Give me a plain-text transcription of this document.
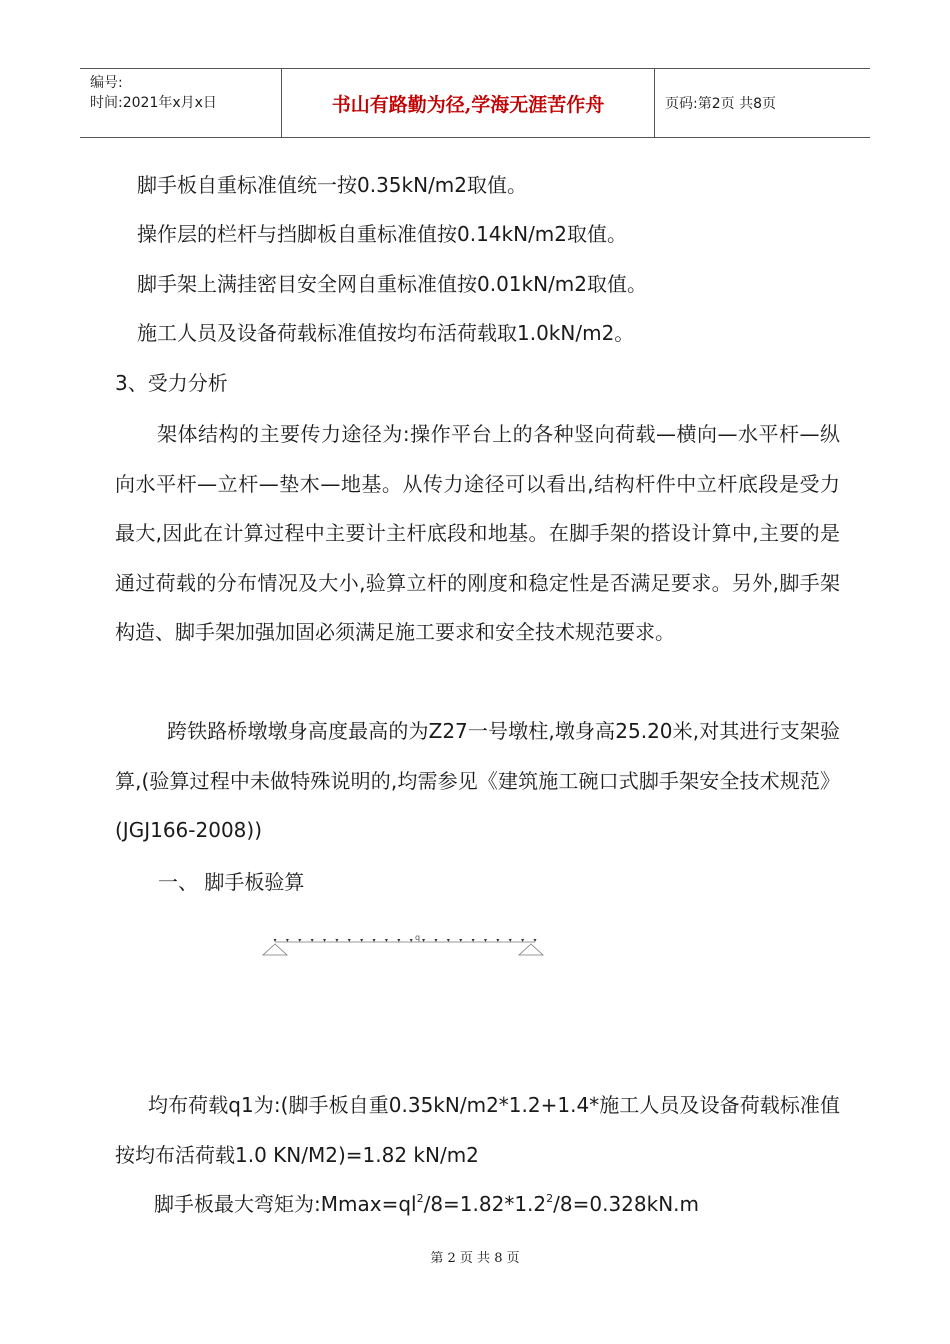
编号:
时间:2021年x月x日	书山有路勤为径,学海无涯苦作舟	页码:第2页 共8页
脚手板自重标准值统一按0.35kN/m2取值。
操作层的栏杆与挡脚板自重标准值按0.14kN/m2取值。
脚手架上满挂密目安全网自重标准值按0.01kN/m2取值。
施工人员及设备荷载标准值按均布活荷载取1.0kN/m2。
3、受力分析
架体结构的主要传力途径为:操作平台上的各种竖向荷载—横向—水平杆—纵向水平杆—立杆—垫木—地基。从传力途径可以看出,结构杆件中立杆底段是受力最大,因此在计算过程中主要计主杆底段和地基。在脚手架的搭设计算中,主要的是通过荷载的分布情况及大小,验算立杆的刚度和稳定性是否满足要求。另外,脚手架构造、脚手架加强加固必须满足施工要求和安全技术规范要求。
跨铁路桥墩墩身高度最高的为Z27一号墩柱,墩身高25.20米,对其进行支架验算,(验算过程中未做特殊说明的,均需参见《建筑施工碗口式脚手架安全技术规范》(JGJ166-2008))
一、 脚手板验算
q
均布荷载q1为:(脚手板自重0.35kN/m2*1.2+1.4*施工人员及设备荷载标准值按均布活荷载1.0 KN/M2)=1.82 kN/m2
脚手板最大弯矩为$:Mmax=ql^2/8=1.82*1.2^2/8=0.328kN.m$
第 2 页 共 8 页
